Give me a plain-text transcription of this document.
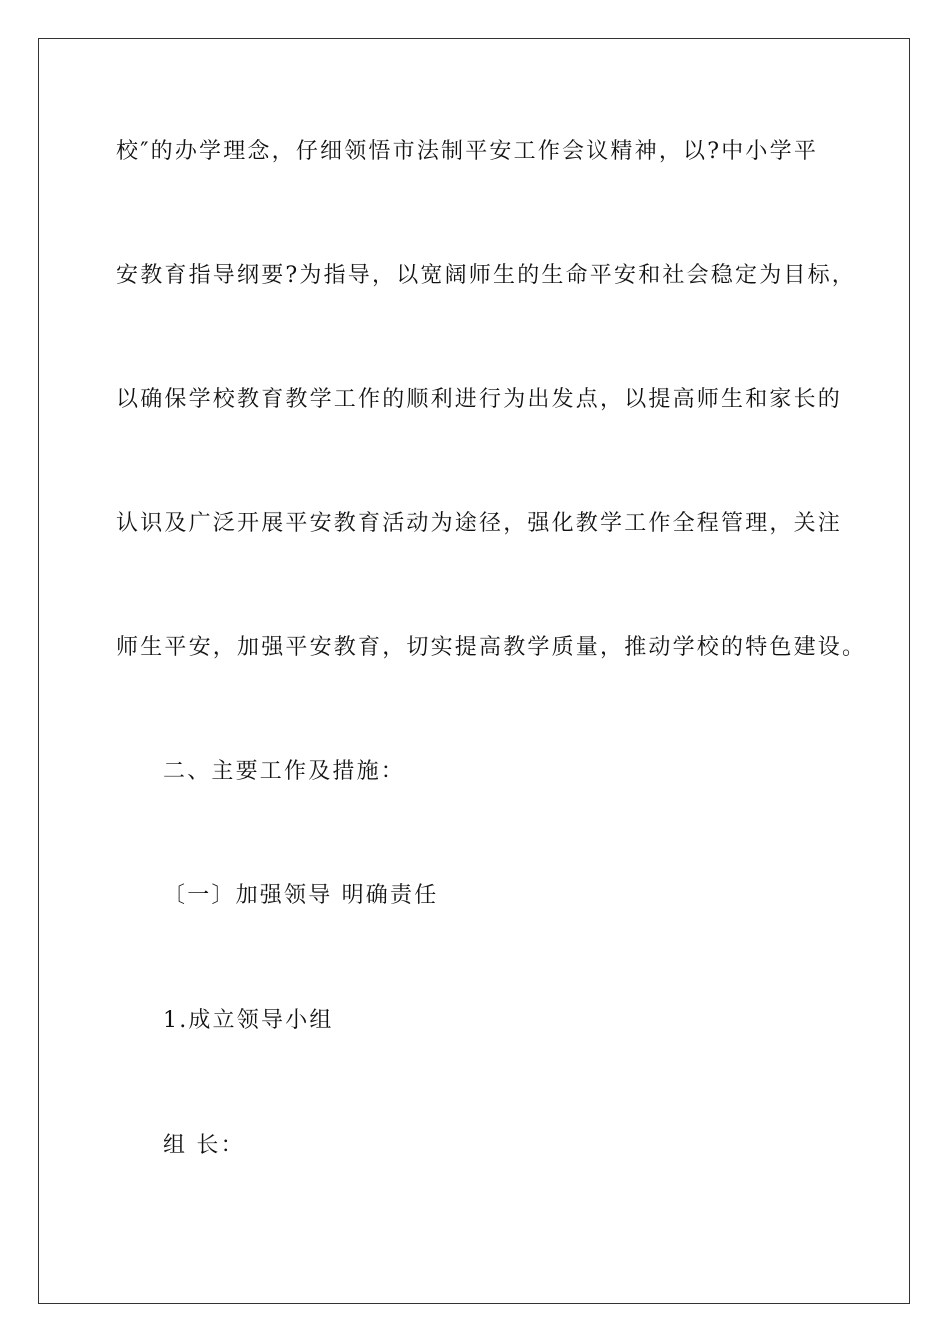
校″的办学理念，仔细领悟市法制平安工作会议精神，以?中小学平
安教育指导纲要?为指导，以宽阔师生的生命平安和社会稳定为目标，
以确保学校教育教学工作的顺利进行为出发点，以提高师生和家长的
认识及广泛开展平安教育活动为途径，强化教学工作全程管理，关注
师生平安，加强平安教育，切实提高教学质量，推动学校的特色建设。
二、主要工作及措施：
〔一〕加强领导 明确责任
1.成立领导小组
组 长：
